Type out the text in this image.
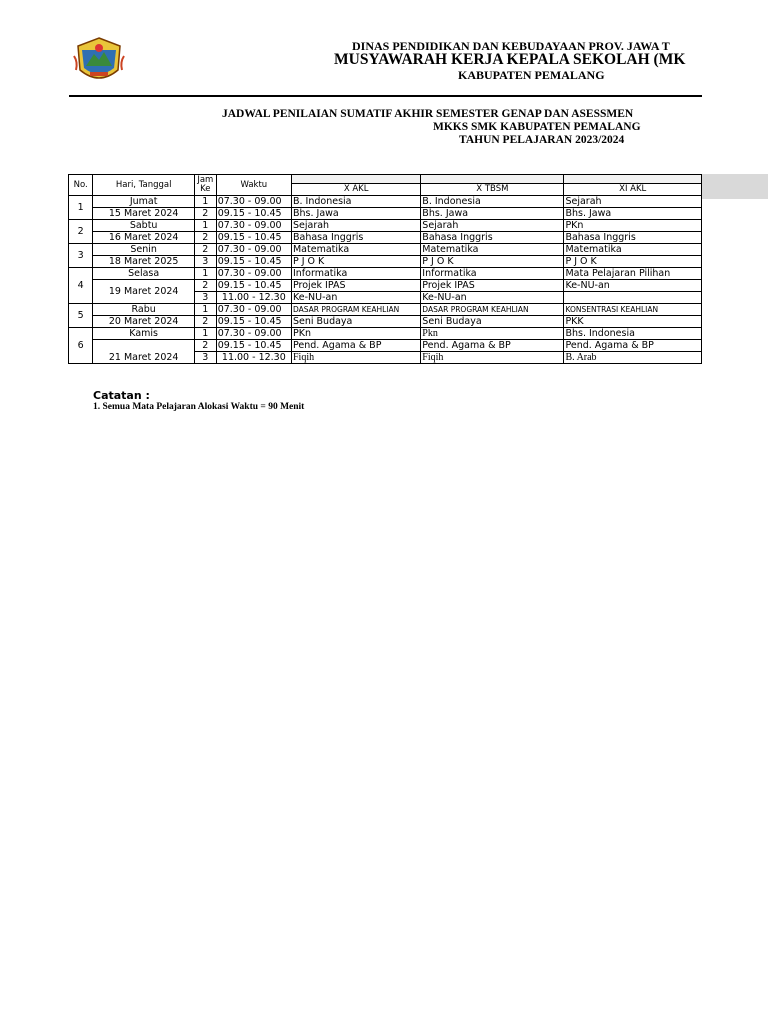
DINAS PENDIDIKAN DAN KEBUDAYAAN PROV. JAWA T
MUSYAWARAH KERJA KEPALA SEKOLAH (MK
KABUPATEN PEMALANG
JADWAL PENILAIAN SUMATIF AKHIR SEMESTER GENAP DAN ASESSMEN
MKKS SMK KABUPATEN PEMALANG
TAHUN PELAJARAN 2023/2024
No.	Hari, Tanggal	Jam Ke	Waktu			
				X AKL	X TBSM	XI AKL
1	Jumat	1	07.30 - 09.00	B. Indonesia	B. Indonesia	Sejarah
	15 Maret 2024	2	09.15 - 10.45	Bhs. Jawa	Bhs. Jawa	Bhs. Jawa
2	Sabtu	1	07.30 - 09.00	Sejarah	Sejarah	PKn
	16 Maret 2024	2	09.15 - 10.45	Bahasa Inggris	Bahasa Inggris	Bahasa Inggris
3	Senin	2	07.30 - 09.00	Matematika	Matematika	Matematika
	18 Maret 2025	3	09.15 - 10.45	P J O K	P J O K	P J O K
4	Selasa	1	07.30 - 09.00	Informatika	Informatika	Mata Pelajaran Pilihan
	19 Maret 2024	2	09.15 - 10.45	Projek IPAS	Projek IPAS	Ke-NU-an
		3	11.00 - 12.30	Ke-NU-an	Ke-NU-an	
5	Rabu	1	07.30 - 09.00	DASAR PROGRAM KEAHLIAN	DASAR PROGRAM KEAHLIAN	KONSENTRASI KEAHLIAN
	20 Maret 2024	2	09.15 - 10.45	Seni Budaya	Seni Budaya	PKK
6	Kamis	1	07.30 - 09.00	PKn	Pkn	Bhs. Indonesia
	21 Maret 2024	2	09.15 - 10.45	Pend. Agama & BP	Pend. Agama & BP	Pend. Agama & BP
		3	11.00 - 12.30	Fiqih	Fiqih	B. Arab
Catatan :
1. Semua Mata Pelajaran Alokasi Waktu = 90 Menit
